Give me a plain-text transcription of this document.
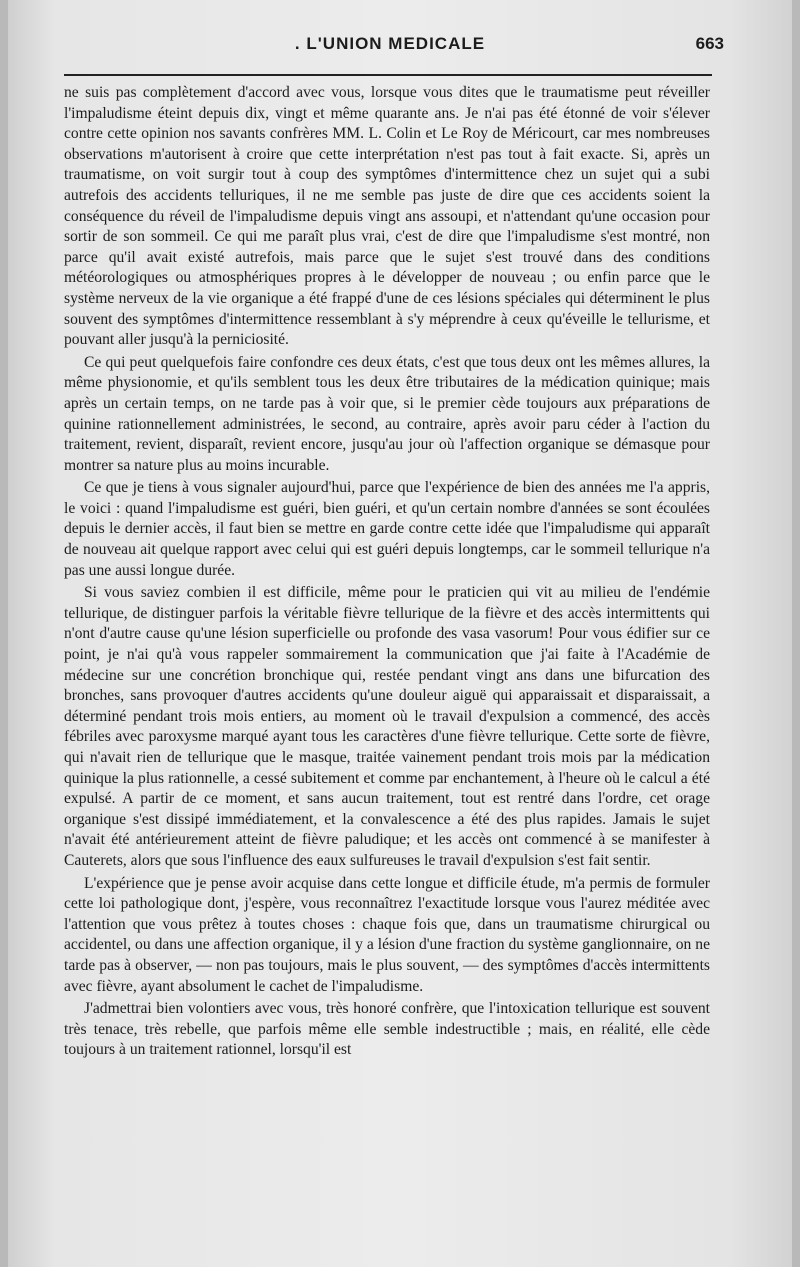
. L'UNION MEDICALE	663

ne suis pas complètement d'accord avec vous, lorsque vous dites que le traumatisme peut réveiller l'impaludisme éteint depuis dix, vingt et même quarante ans. Je n'ai pas été étonné de voir s'élever contre cette opinion nos savants confrères MM. L. Colin et Le Roy de Méricourt, car mes nombreuses observations m'autorisent à croire que cette interprétation n'est pas tout à fait exacte. Si, après un traumatisme, on voit surgir tout à coup des symptômes d'intermittence chez un sujet qui a subi autrefois des accidents telluriques, il ne me semble pas juste de dire que ces accidents soient la conséquence du réveil de l'impaludisme depuis vingt ans assoupi, et n'attendant qu'une occasion pour sortir de son sommeil. Ce qui me paraît plus vrai, c'est de dire que l'impaludisme s'est montré, non parce qu'il avait existé autrefois, mais parce que le sujet s'est trouvé dans des conditions météorologiques ou atmosphériques propres à le développer de nouveau ; ou enfin parce que le système nerveux de la vie organique a été frappé d'une de ces lésions spéciales qui déterminent le plus souvent des symptômes d'intermittence ressemblant à s'y méprendre à ceux qu'éveille le tellurisme, et pouvant aller jusqu'à la perniciosité.

Ce qui peut quelquefois faire confondre ces deux états, c'est que tous deux ont les mêmes allures, la même physionomie, et qu'ils semblent tous les deux être tributaires de la médication quinique; mais après un certain temps, on ne tarde pas à voir que, si le premier cède toujours aux préparations de quinine rationnellement administrées, le second, au contraire, après avoir paru céder à l'action du traitement, revient, disparaît, revient encore, jusqu'au jour où l'affection organique se démasque pour montrer sa nature plus au moins incurable.

Ce que je tiens à vous signaler aujourd'hui, parce que l'expérience de bien des années me l'a appris, le voici : quand l'impaludisme est guéri, bien guéri, et qu'un certain nombre d'années se sont écoulées depuis le dernier accès, il faut bien se mettre en garde contre cette idée que l'impaludisme qui apparaît de nouveau ait quelque rapport avec celui qui est guéri depuis longtemps, car le sommeil tellurique n'a pas une aussi longue durée.

Si vous saviez combien il est difficile, même pour le praticien qui vit au milieu de l'endémie tellurique, de distinguer parfois la véritable fièvre tellurique de la fièvre et des accès intermittents qui n'ont d'autre cause qu'une lésion superficielle ou profonde des vasa vasorum! Pour vous édifier sur ce point, je n'ai qu'à vous rappeler sommairement la communication que j'ai faite à l'Académie de médecine sur une concrétion bronchique qui, restée pendant vingt ans dans une bifurcation des bronches, sans provoquer d'autres accidents qu'une douleur aiguë qui apparaissait et disparaissait, a déterminé pendant trois mois entiers, au moment où le travail d'expulsion a commencé, des accès fébriles avec paroxysme marqué ayant tous les caractères d'une fièvre tellurique. Cette sorte de fièvre, qui n'avait rien de tellurique que le masque, traitée vainement pendant trois mois par la médication quinique la plus rationnelle, a cessé subitement et comme par enchantement, à l'heure où le calcul a été expulsé. A partir de ce moment, et sans aucun traitement, tout est rentré dans l'ordre, cet orage organique s'est dissipé immédiatement, et la convalescence a été des plus rapides. Jamais le sujet n'avait été antérieurement atteint de fièvre paludique; et les accès ont commencé à se manifester à Cauterets, alors que sous l'influence des eaux sulfureuses le travail d'expulsion s'est fait sentir.

L'expérience que je pense avoir acquise dans cette longue et difficile étude, m'a permis de formuler cette loi pathologique dont, j'espère, vous reconnaîtrez l'exactitude lorsque vous l'aurez méditée avec l'attention que vous prêtez à toutes choses : chaque fois que, dans un traumatisme chirurgical ou accidentel, ou dans une affection organique, il y a lésion d'une fraction du système ganglionnaire, on ne tarde pas à observer, — non pas toujours, mais le plus souvent, — des symptômes d'accès intermittents avec fièvre, ayant absolument le cachet de l'impaludisme.

J'admettrai bien volontiers avec vous, très honoré confrère, que l'intoxication tellurique est souvent très tenace, très rebelle, que parfois même elle semble indestructible ; mais, en réalité, elle cède toujours à un traitement rationnel, lorsqu'il est
